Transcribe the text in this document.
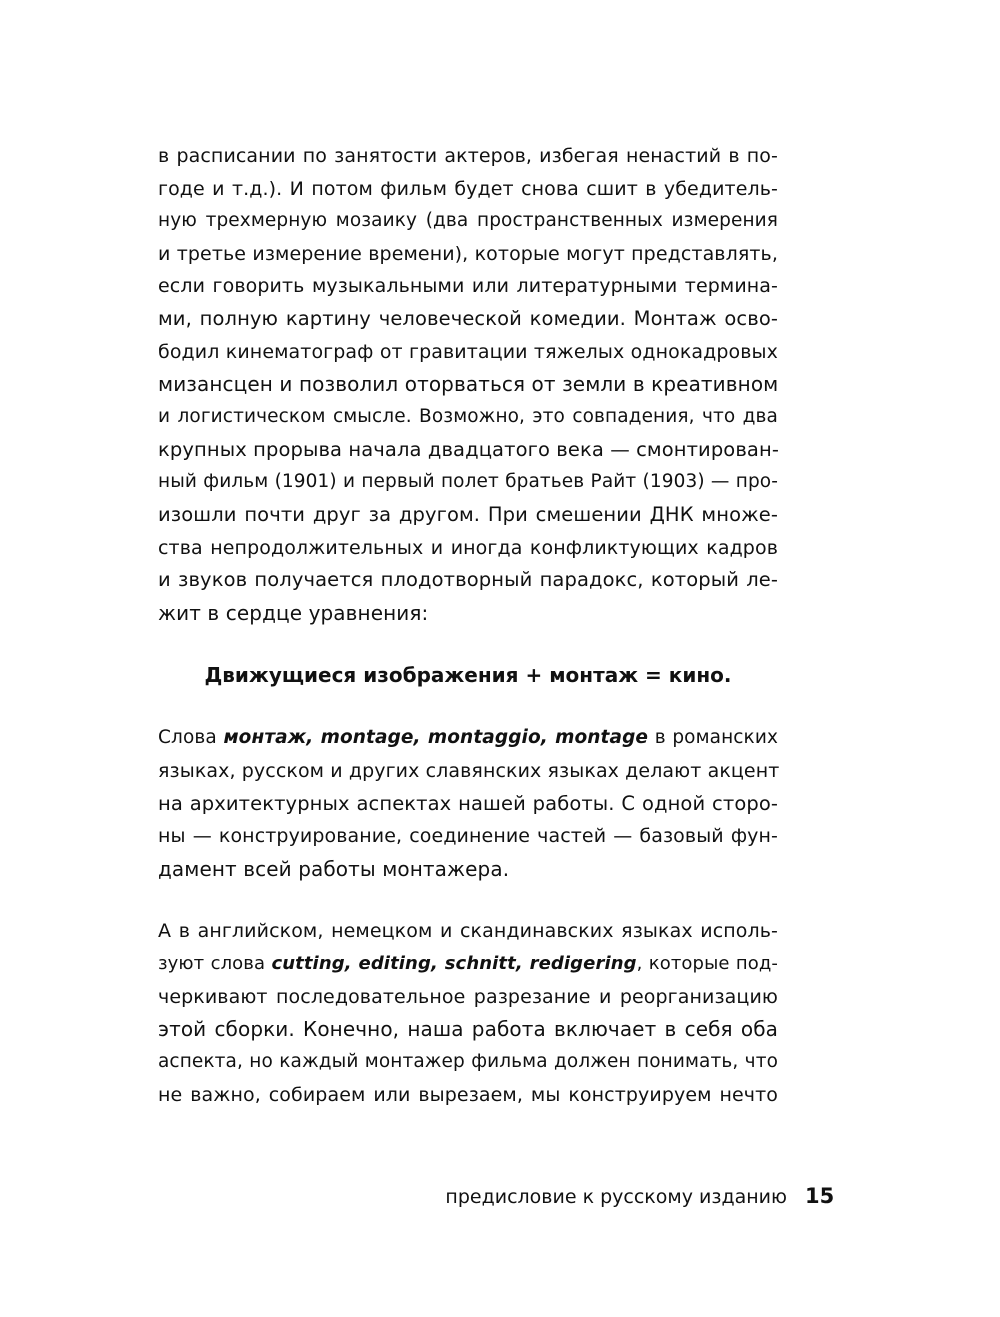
в расписании по занятости актеров, избегая ненастий в по-
годе и т.д.). И потом фильм будет снова сшит в убедитель-
ную трехмерную мозаику (два пространственных измерения
и третье измерение времени), которые могут представлять,
если говорить музыкальными или литературными термина-
ми, полную картину человеческой комедии. Монтаж осво-
бодил кинематограф от гравитации тяжелых однокадровых
мизансцен и позволил оторваться от земли в креативном
и логистическом смысле. Возможно, это совпадения, что два
крупных прорыва начала двадцатого века — смонтирован-
ный фильм (1901) и первый полет братьев Райт (1903) — про-
изошли почти друг за другом. При смешении ДНК множе-
ства непродолжительных и иногда конфликтующих кадров
и звуков получается плодотворный парадокс, который ле-
жит в сердце уравнения:
Движущиеся изображения + монтаж = кино.
Слова монтаж, montage, montaggio, montage в романских
языках, русском и других славянских языках делают акцент
на архитектурных аспектах нашей работы. С одной сторо-
ны — конструирование, соединение частей — базовый фун-
дамент всей работы монтажера.
А в английском, немецком и скандинавских языках исполь-
зуют слова cutting, editing, schnitt, redigering, которые под-
черкивают последовательное разрезание и реорганизацию
этой сборки. Конечно, наша работа включает в себя оба
аспекта, но каждый монтажер фильма должен понимать, что
не важно, собираем или вырезаем, мы конструируем нечто
предисловие к русскому изданию 15
